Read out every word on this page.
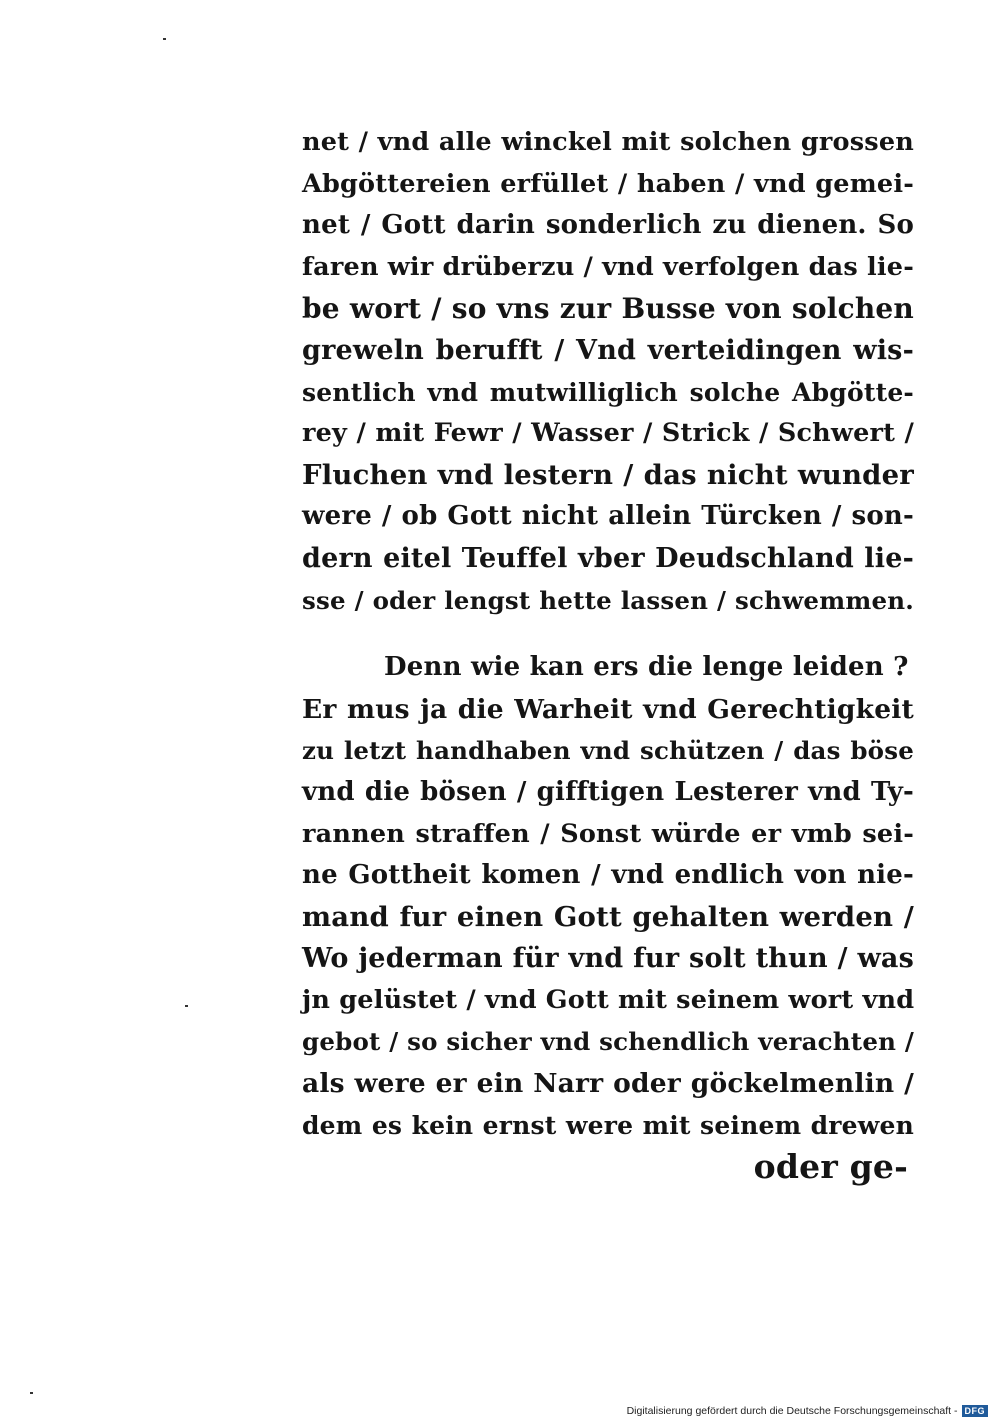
net / vnd alle winckel mit solchen grossen
Abgöttereien erfüllet / haben / vnd gemei-
net / Gott darin sonderlich zu dienen. So
faren wir drüberzu / vnd verfolgen das lie-
be wort / so vns zur Busse von solchen
greweln berufft / Vnd verteidingen wis-
sentlich vnd mutwilliglich solche Abgötte-
rey / mit Fewr / Wasser / Strick / Schwert /
Fluchen vnd lestern / das nicht wunder
were / ob Gott nicht allein Türcken / son-
dern eitel Teuffel vber Deudschland lie-
sse / oder lengst hette lassen / schwemmen.

Denn wie kan ers die lenge leiden ?
Er mus ja die Warheit vnd Gerechtigkeit
zu letzt handhaben vnd schützen / das böse
vnd die bösen / gifftigen Lesterer vnd Ty-
rannen straffen / Sonst würde er vmb sei-
ne Gottheit komen / vnd endlich von nie-
mand fur einen Gott gehalten werden /
Wo jederman für vnd fur solt thun / was
jn gelüstet / vnd Gott mit seinem wort vnd
gebot / so sicher vnd schendlich verachten /
als were er ein Narr oder göckelmenlin /
dem es kein ernst were mit seinem drewen
oder ge-

Digitalisierung gefördert durch die Deutsche Forschungsgemeinschaft - DFG
